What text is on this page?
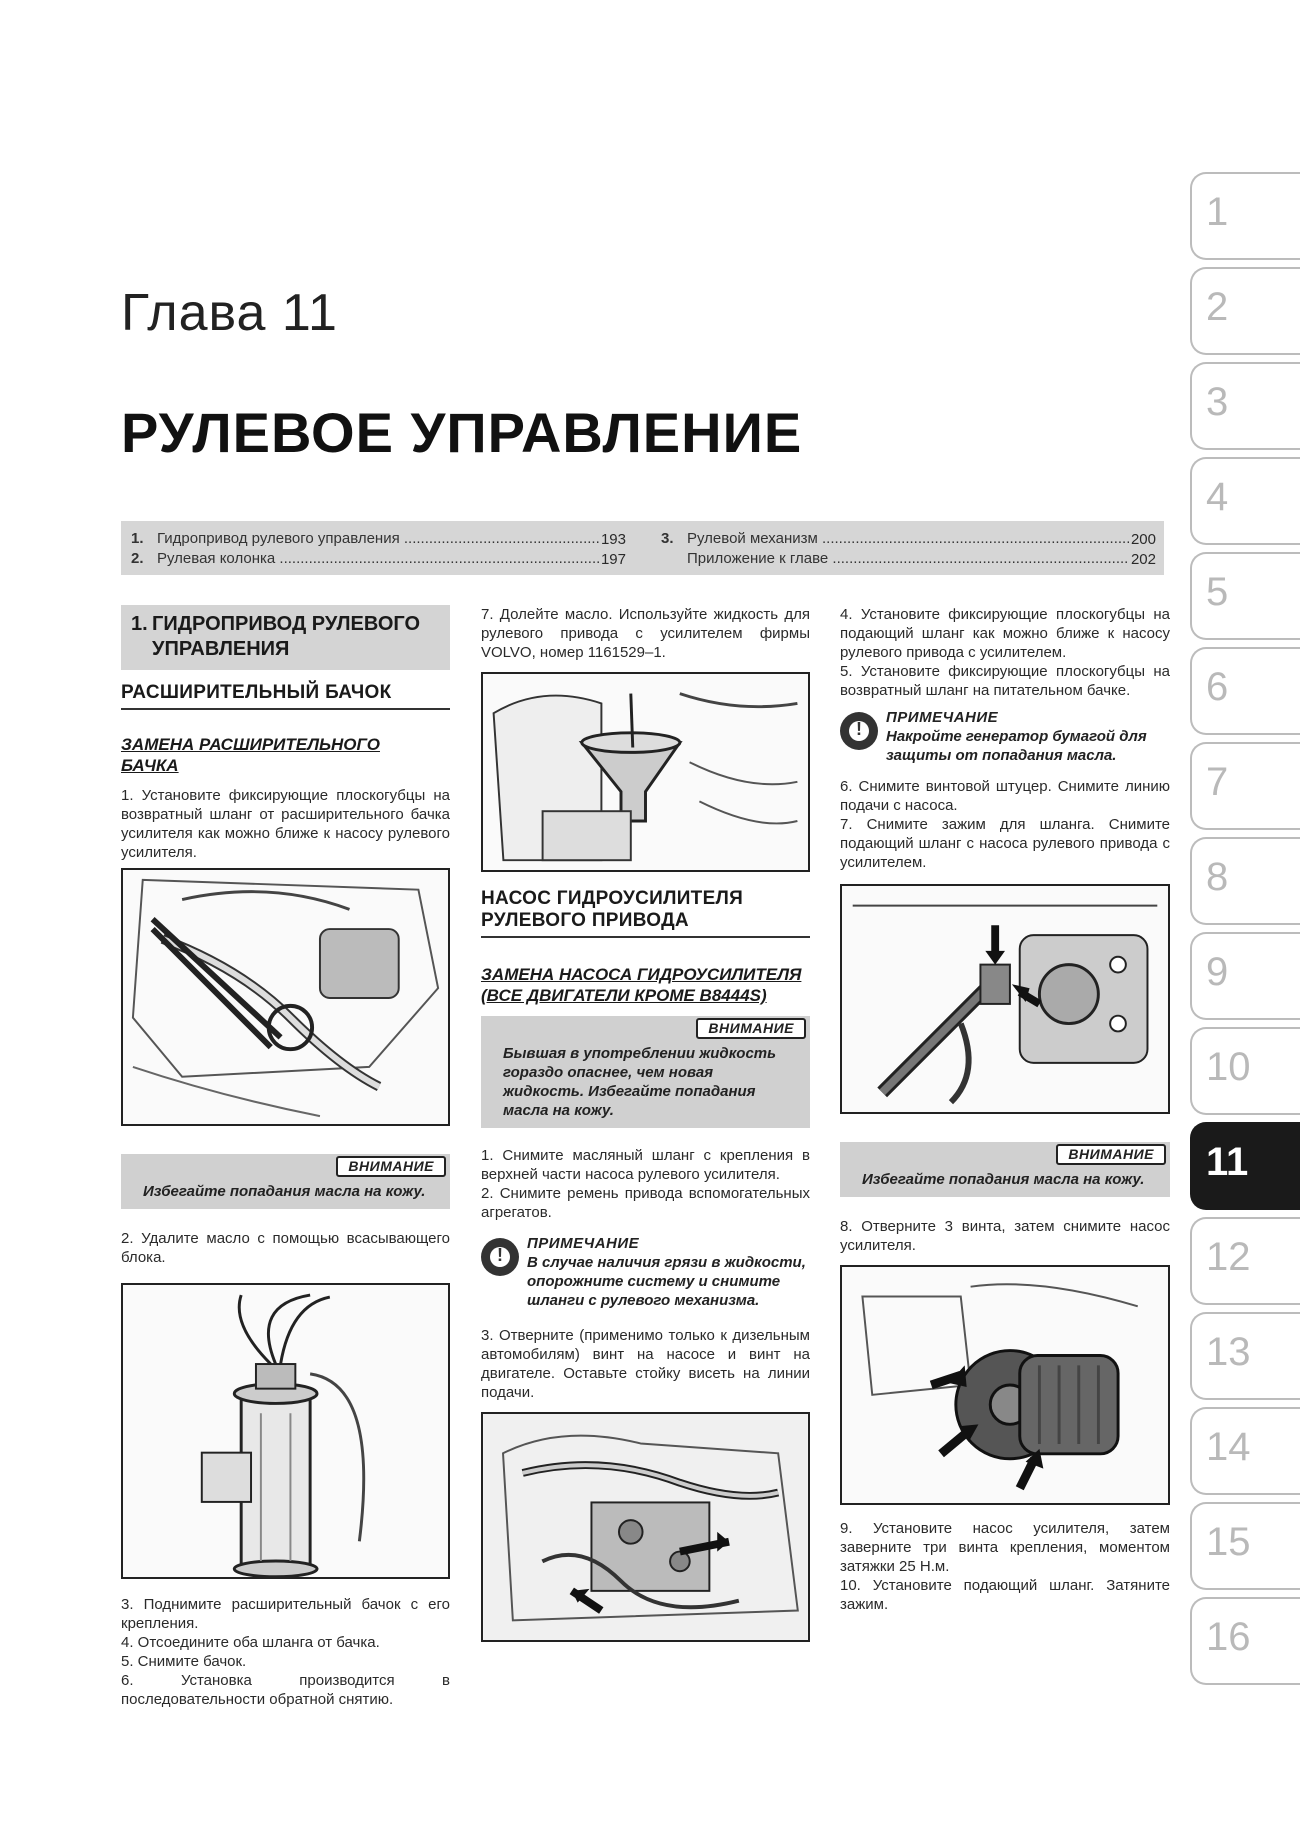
Глава 11
РУЛЕВОЕ УПРАВЛЕНИЕ
1. Гидропривод рулевого управления .....	193
2. Рулевая колонка .....	197
3. Рулевой механизм .....	200
Приложение к главе .....	202
1. ГИДРОПРИВОД РУЛЕВОГО УПРАВЛЕНИЯ
РАСШИРИТЕЛЬНЫЙ БАЧОК
ЗАМЕНА РАСШИРИТЕЛЬНОГО БАЧКА
1. Установите фиксирующие плоскогубцы на возвратный шланг от расширительного бачка усилителя как можно ближе к насосу рулевого усилителя.
ВНИМАНИЕ
Избегайте попадания масла на кожу.
2. Удалите масло с помощью всасывающего блока.
3. Поднимите расширительный бачок с его крепления.
4. Отсоедините оба шланга от бачка.
5. Снимите бачок.
6. Установка производится в последовательности обратной снятию.
7. Долейте масло. Используйте жидкость для рулевого привода с усилителем фирмы VOLVO, номер 1161529–1.
НАСОС ГИДРОУСИЛИТЕЛЯ РУЛЕВОГО ПРИВОДА
ЗАМЕНА НАСОСА ГИДРОУСИЛИТЕЛЯ (ВСЕ ДВИГАТЕЛИ КРОМЕ B8444S)
ВНИМАНИЕ
Бывшая в употреблении жидкость гораздо опаснее, чем новая жидкость. Избегайте попадания масла на кожу.
1. Снимите масляный шланг с крепления в верхней части насоса рулевого усилителя.
2. Снимите ремень привода вспомогательных агрегатов.
!
ПРИМЕЧАНИЕ
В случае наличия грязи в жидкости, опорожните систему и снимите шланги с рулевого механизма.
3. Отверните (применимо только к дизельным автомобилям) винт на насосе и винт на двигателе. Оставьте стойку висеть на линии подачи.
4. Установите фиксирующие плоскогубцы на подающий шланг как можно ближе к насосу рулевого привода с усилителем.
5. Установите фиксирующие плоскогубцы на возвратный шланг на питательном бачке.
!
ПРИМЕЧАНИЕ
Накройте генератор бумагой для защиты от попадания масла.
6. Снимите винтовой штуцер. Снимите линию подачи с насоса.
7. Снимите зажим для шланга. Снимите подающий шланг с насоса рулевого привода с усилителем.
ВНИМАНИЕ
Избегайте попадания масла на кожу.
8. Отверните 3 винта, затем снимите насос усилителя.
9. Установите насос усилителя, затем заверните три винта крепления, моментом затяжки 25 Н.м.
10. Установите подающий шланг. Затяните зажим.
1
2
3
4
5
6
7
8
9
10
11
12
13
14
15
16
